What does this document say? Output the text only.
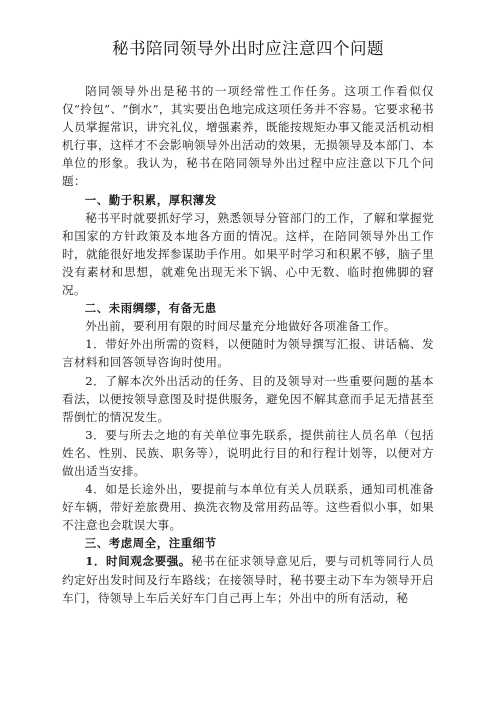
秘书陪同领导外出时应注意四个问题

陪同领导外出是秘书的一项经常性工作任务。这项工作看似仅仅“拎包”、“倒水”，其实要出色地完成这项任务并不容易。它要求秘书人员掌握常识，讲究礼仪，增强素养，既能按规矩办事又能灵活机动相机行事，这样才不会影响领导外出活动的效果，无损领导及本部门、本单位的形象。我认为，秘书在陪同领导外出过程中应注意以下几个问题：

一、勤于积累，厚积薄发

秘书平时就要抓好学习，熟悉领导分管部门的工作，了解和掌握党和国家的方针政策及本地各方面的情况。这样，在陪同领导外出工作时，就能很好地发挥参谋助手作用。如果平时学习和积累不够，脑子里没有素材和思想，就难免出现无米下锅、心中无数、临时抱佛脚的窘况。

二、未雨绸缪，有备无患

外出前，要利用有限的时间尽量充分地做好各项准备工作。

1．带好外出所需的资料，以便随时为领导撰写汇报、讲话稿、发言材料和回答领导咨询时使用。

2．了解本次外出活动的任务、目的及领导对一些重要问题的基本看法，以便按领导意图及时提供服务，避免因不解其意而手足无措甚至帮倒忙的情况发生。

3．要与所去之地的有关单位事先联系，提供前往人员名单（包括姓名、性别、民族、职务等），说明此行目的和行程计划等，以便对方做出适当安排。

4．如是长途外出，要提前与本单位有关人员联系，通知司机准备好车辆，带好差旅费用、换洗衣物及常用药品等。这些看似小事，如果不注意也会耽误大事。

三、考虑周全，注重细节

1．时间观念要强。秘书在征求领导意见后，要与司机等同行人员约定好出发时间及行车路线；在接领导时，秘书要主动下车为领导开启车门，待领导上车后关好车门自己再上车；外出中的所有活动，秘
